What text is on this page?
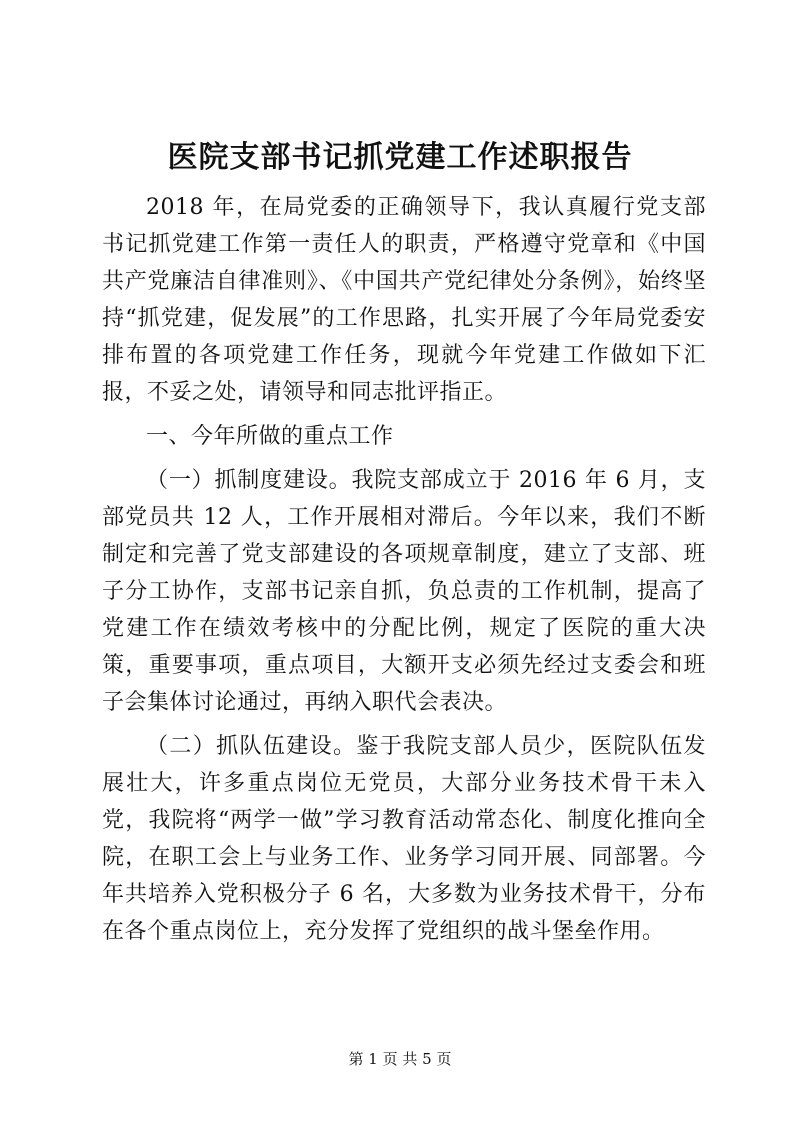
医院支部书记抓党建工作述职报告

2018 年，在局党委的正确领导下，我认真履行党支部书记抓党建工作第一责任人的职责，严格遵守党章和《中国共产党廉洁自律准则》、《中国共产党纪律处分条例》，始终坚持“抓党建，促发展”的工作思路，扎实开展了今年局党委安排布置的各项党建工作任务，现就今年党建工作做如下汇报，不妥之处，请领导和同志批评指正。

一、今年所做的重点工作

（一）抓制度建设。我院支部成立于 2016 年 6 月，支部党员共 12 人，工作开展相对滞后。今年以来，我们不断制定和完善了党支部建设的各项规章制度，建立了支部、班子分工协作，支部书记亲自抓，负总责的工作机制，提高了党建工作在绩效考核中的分配比例，规定了医院的重大决策，重要事项，重点项目，大额开支必须先经过支委会和班子会集体讨论通过，再纳入职代会表决。

（二）抓队伍建设。鉴于我院支部人员少，医院队伍发展壮大，许多重点岗位无党员，大部分业务技术骨干未入党，我院将“两学一做”学习教育活动常态化、制度化推向全院，在职工会上与业务工作、业务学习同开展、同部署。今年共培养入党积极分子 6 名，大多数为业务技术骨干，分布在各个重点岗位上，充分发挥了党组织的战斗堡垒作用。

第 1 页 共 5 页
